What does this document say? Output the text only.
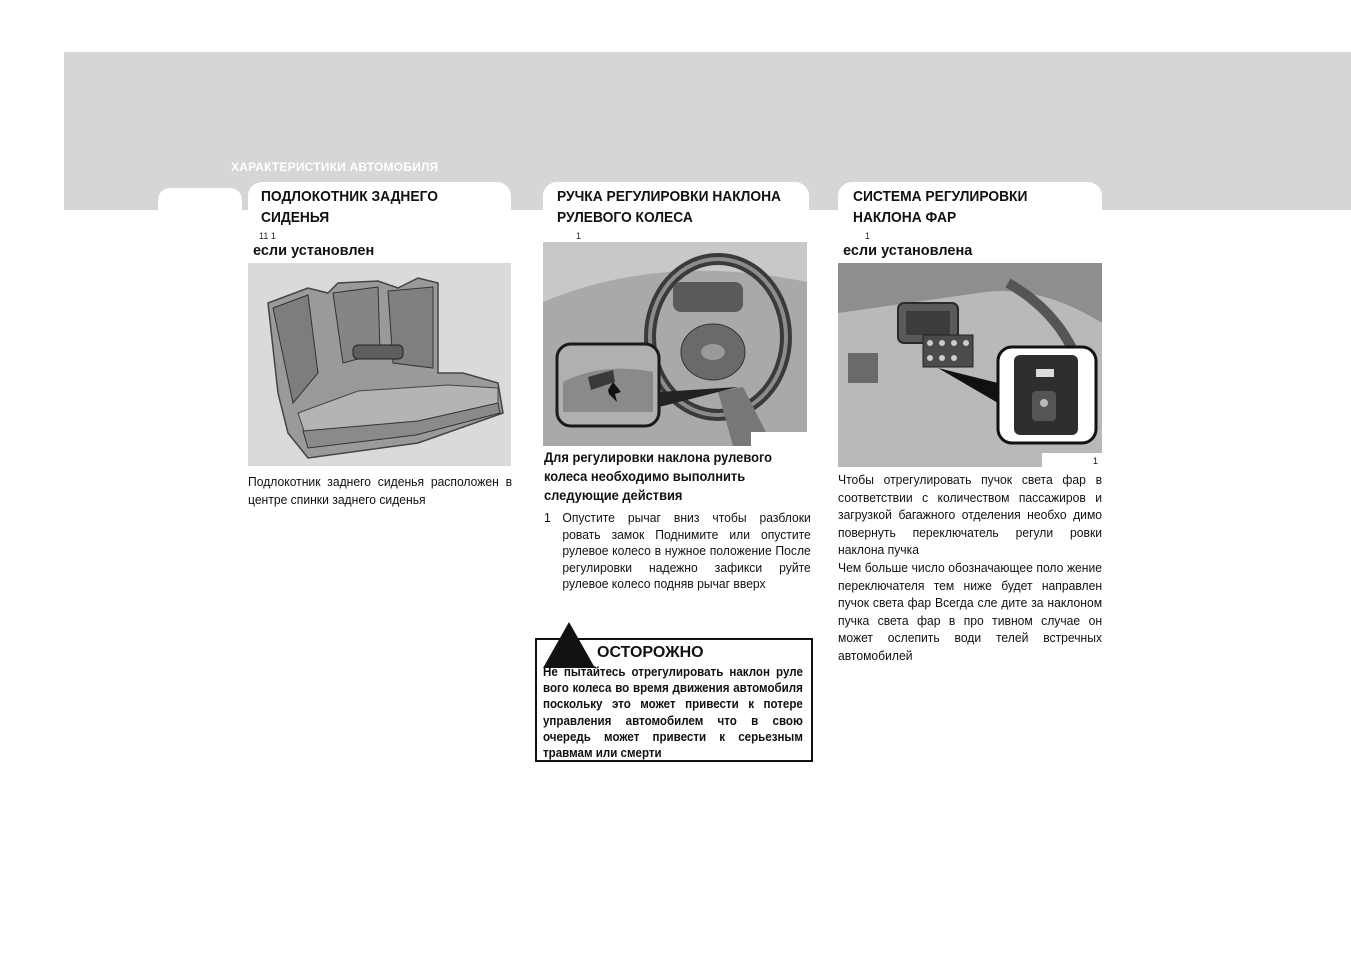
ХАРАКТЕРИСТИКИ АВТОМОБИЛЯ
ПОДЛОКОТНИК ЗАДНЕГО
СИДЕНЬЯ
11 1
если установлен
Подлокотник заднего сиденья расположен в центре спинки заднего сиденья
РУЧКА РЕГУЛИРОВКИ НАКЛОНА
РУЛЕВОГО КОЛЕСА
1
Для регулировки наклона рулевого колеса необходимо выполнить следующие действия
1 Опустите рычаг вниз чтобы разблоки ровать замок Поднимите или опустите рулевое колесо в нужное положение После регулировки надежно зафикси руйте рулевое колесо подняв рычаг вверх
ОСТОРОЖНО
Не пытайтесь отрегулировать наклон руле вого колеса во время движения автомобиля поскольку это может привести к потере управления автомобилем что в свою очередь может привести к серьезным травмам или смерти
СИСТЕМА РЕГУЛИРОВКИ
НАКЛОНА ФАР
1
если установлена
1

Чтобы отрегулировать пучок света фар в соответствии с количеством пассажиров и загрузкой багажного отделения необхо димо повернуть переключатель регули ровки наклона пучка

Чем больше число обозначающее поло жение переключателя тем ниже будет направлен пучок света фар Всегда сле дите за наклоном пучка света фар в про тивном случае он может ослепить води телей встречных автомобилей
